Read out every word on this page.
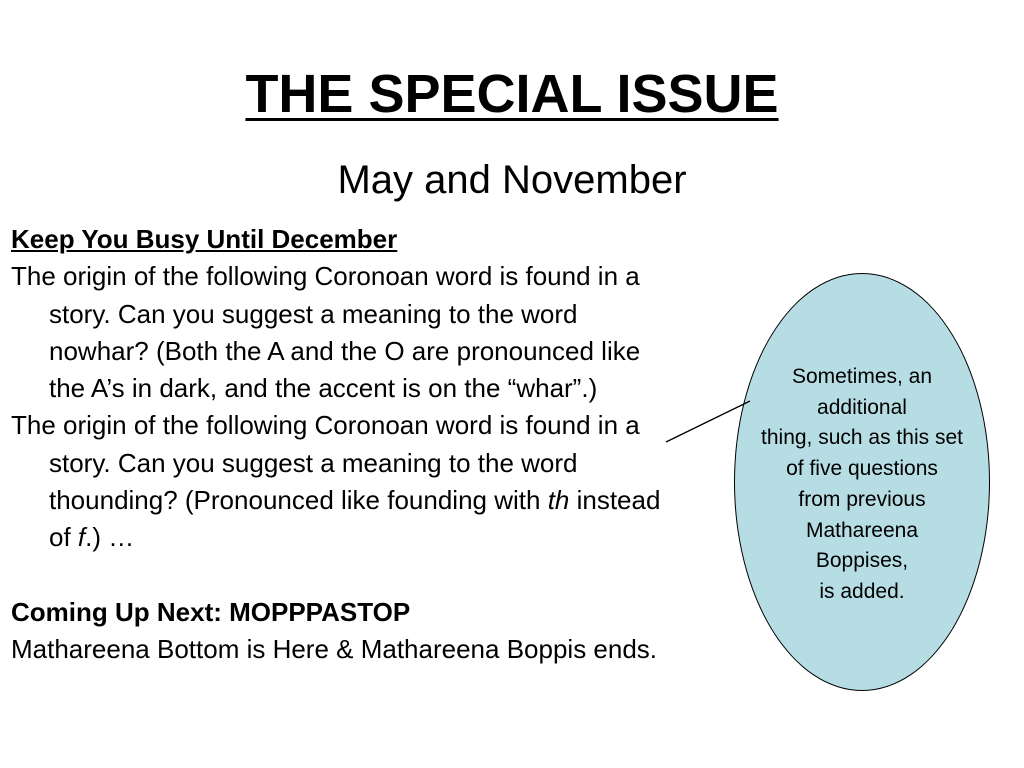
THE SPECIAL ISSUE

May and November

Keep You Busy Until December

The origin of the following Coronoan word is found in a story. Can you suggest a meaning to the word nowhar? (Both the A and the O are pronounced like the A’s in dark, and the accent is on the “whar”.)

The origin of the following Coronoan word is found in a story. Can you suggest a meaning to the word thounding? (Pronounced like founding with th instead of f.) …

Coming Up Next: MOPPPASTOP

Mathareena Bottom is Here & Mathareena Boppis ends.

Sometimes, an
additional
thing, such as this set
of five questions
from previous
Mathareena
Boppises,
is added.
